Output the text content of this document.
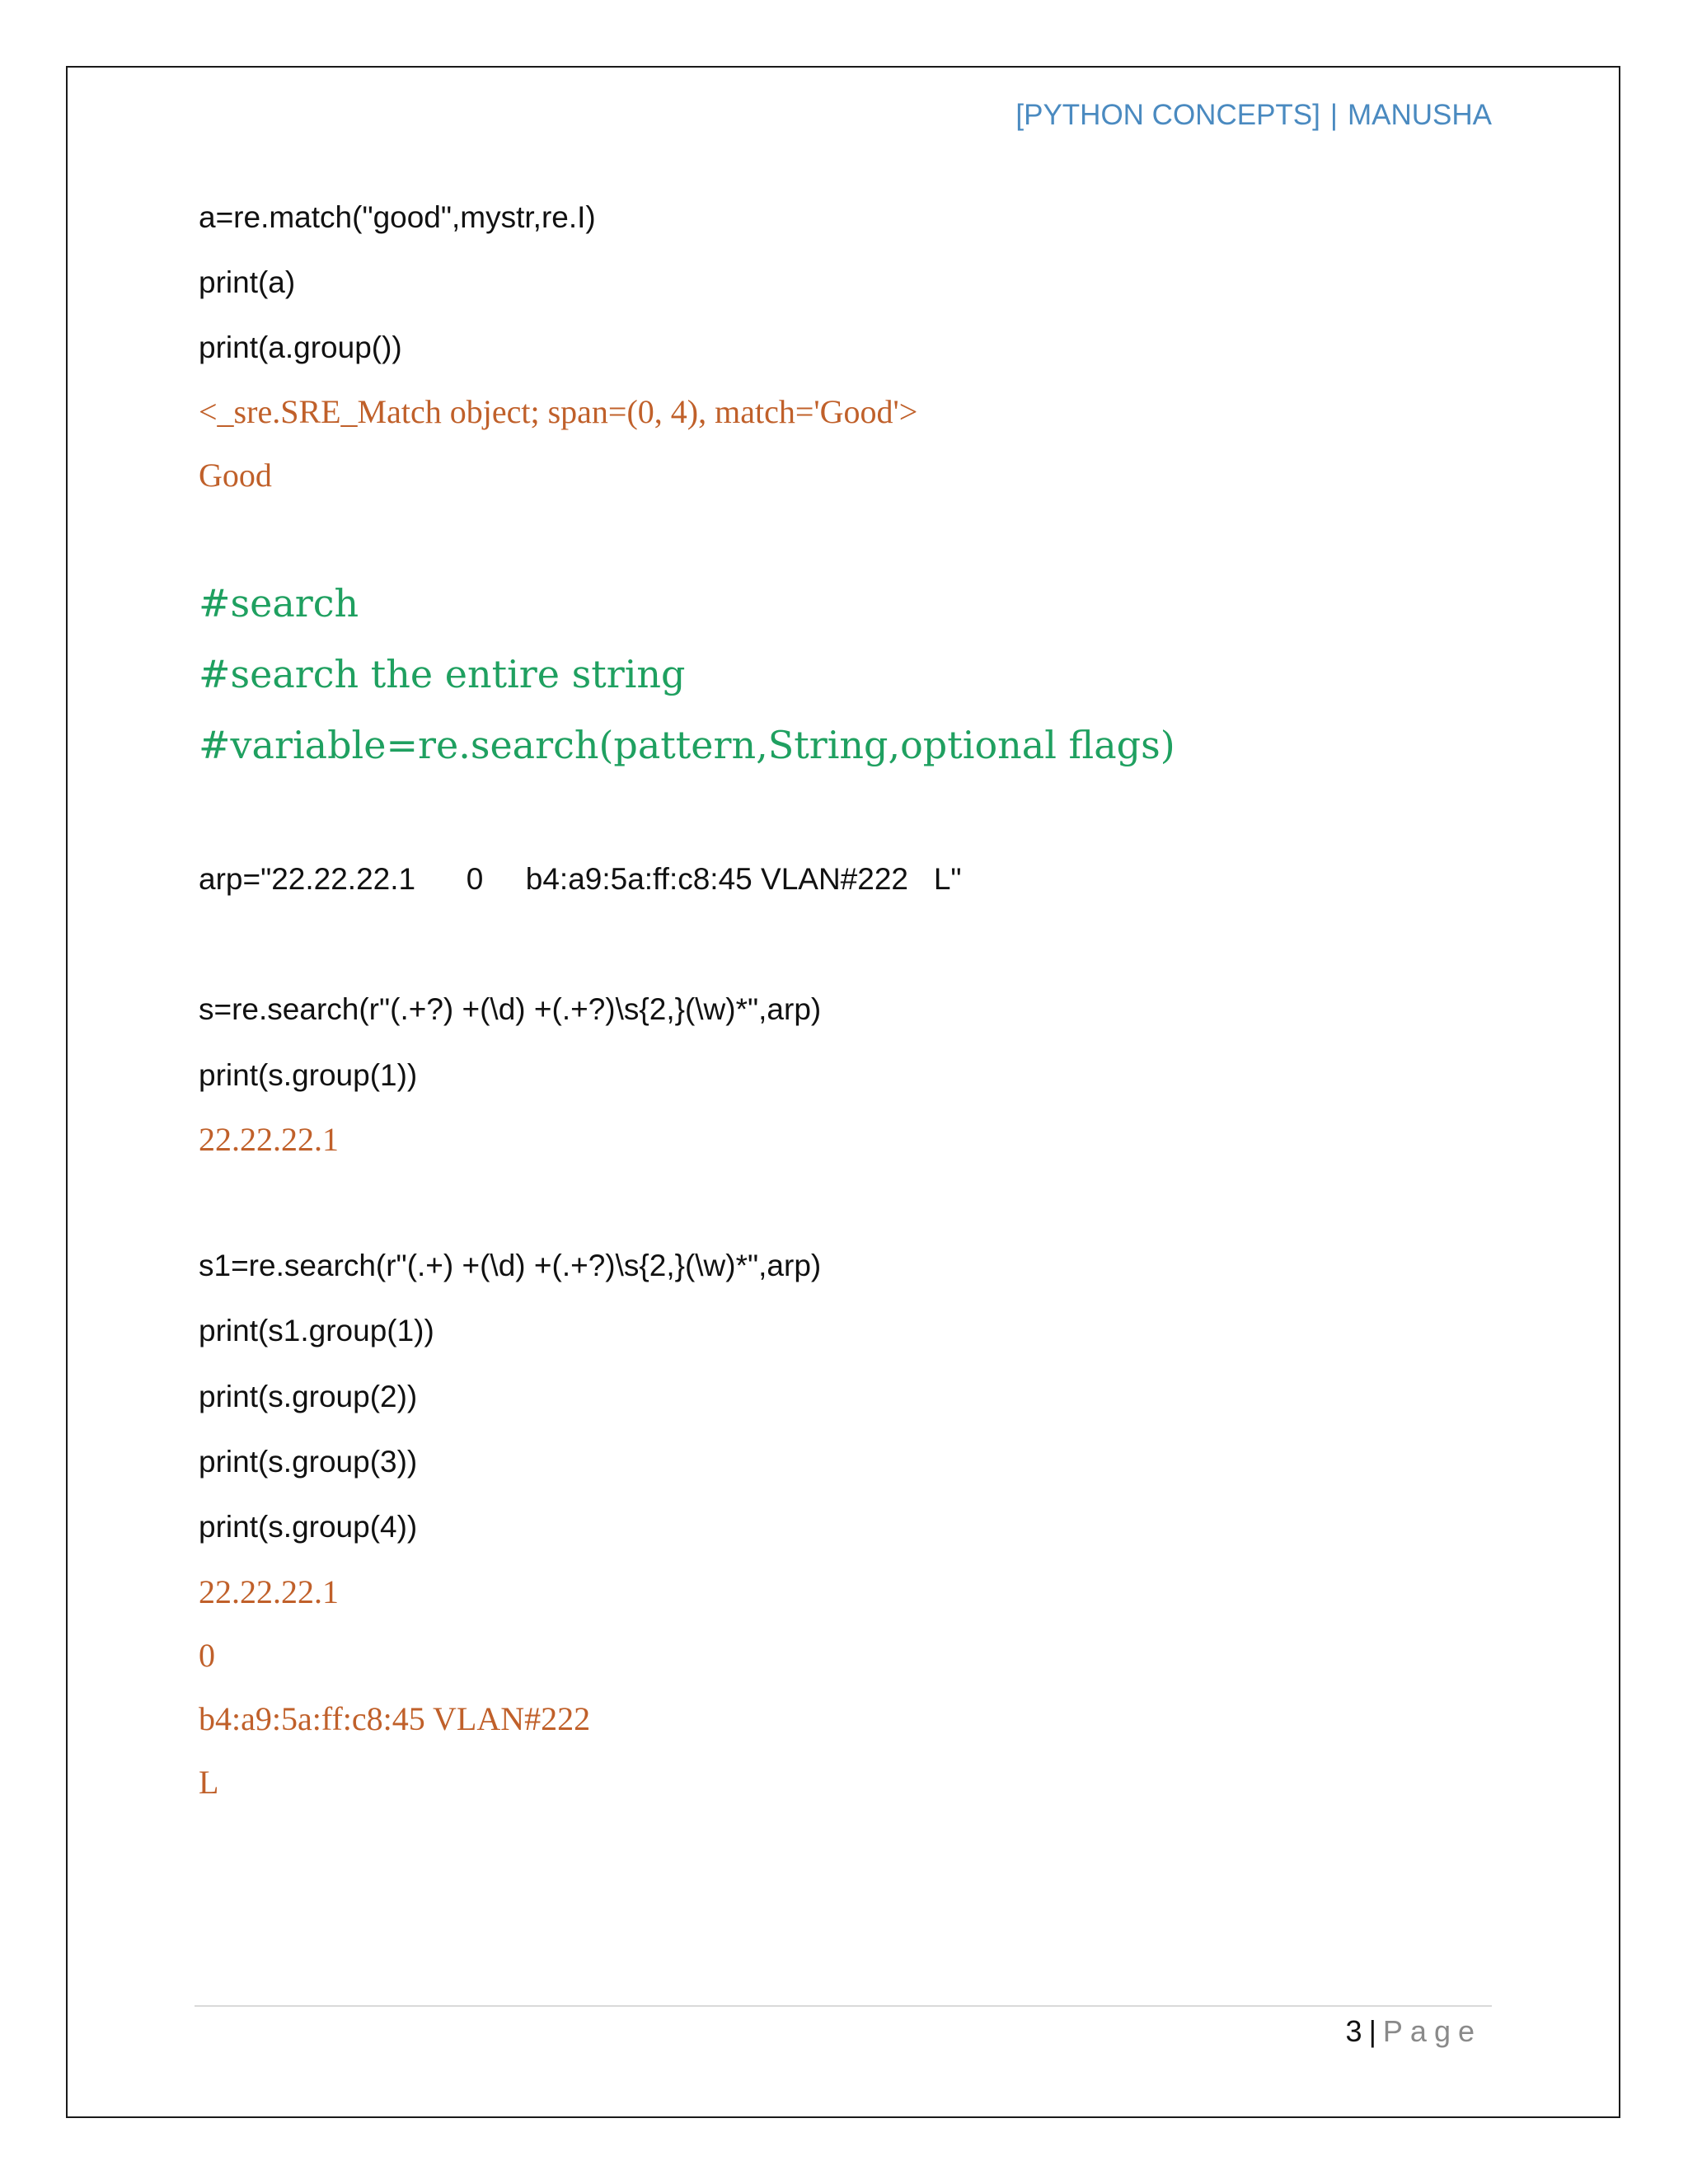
[PYTHON CONCEPTS] | MANUSHA
a=re.match("good",mystr,re.I)
print(a)
print(a.group())
<_sre.SRE_Match object; span=(0, 4), match='Good'>
Good
#search
#search the entire string
#variable=re.search(pattern,String,optional flags)
arp="22.22.22.1      0     b4:a9:5a:ff:c8:45 VLAN#222   L"
s=re.search(r"(.+?) +(\d) +(.+?)\s{2,}(\w)*",arp)
print(s.group(1))
22.22.22.1
s1=re.search(r"(.+) +(\d) +(.+?)\s{2,}(\w)*",arp)
print(s1.group(1))
print(s.group(2))
print(s.group(3))
print(s.group(4))
22.22.22.1
0
b4:a9:5a:ff:c8:45 VLAN#222
L
3 | Page
